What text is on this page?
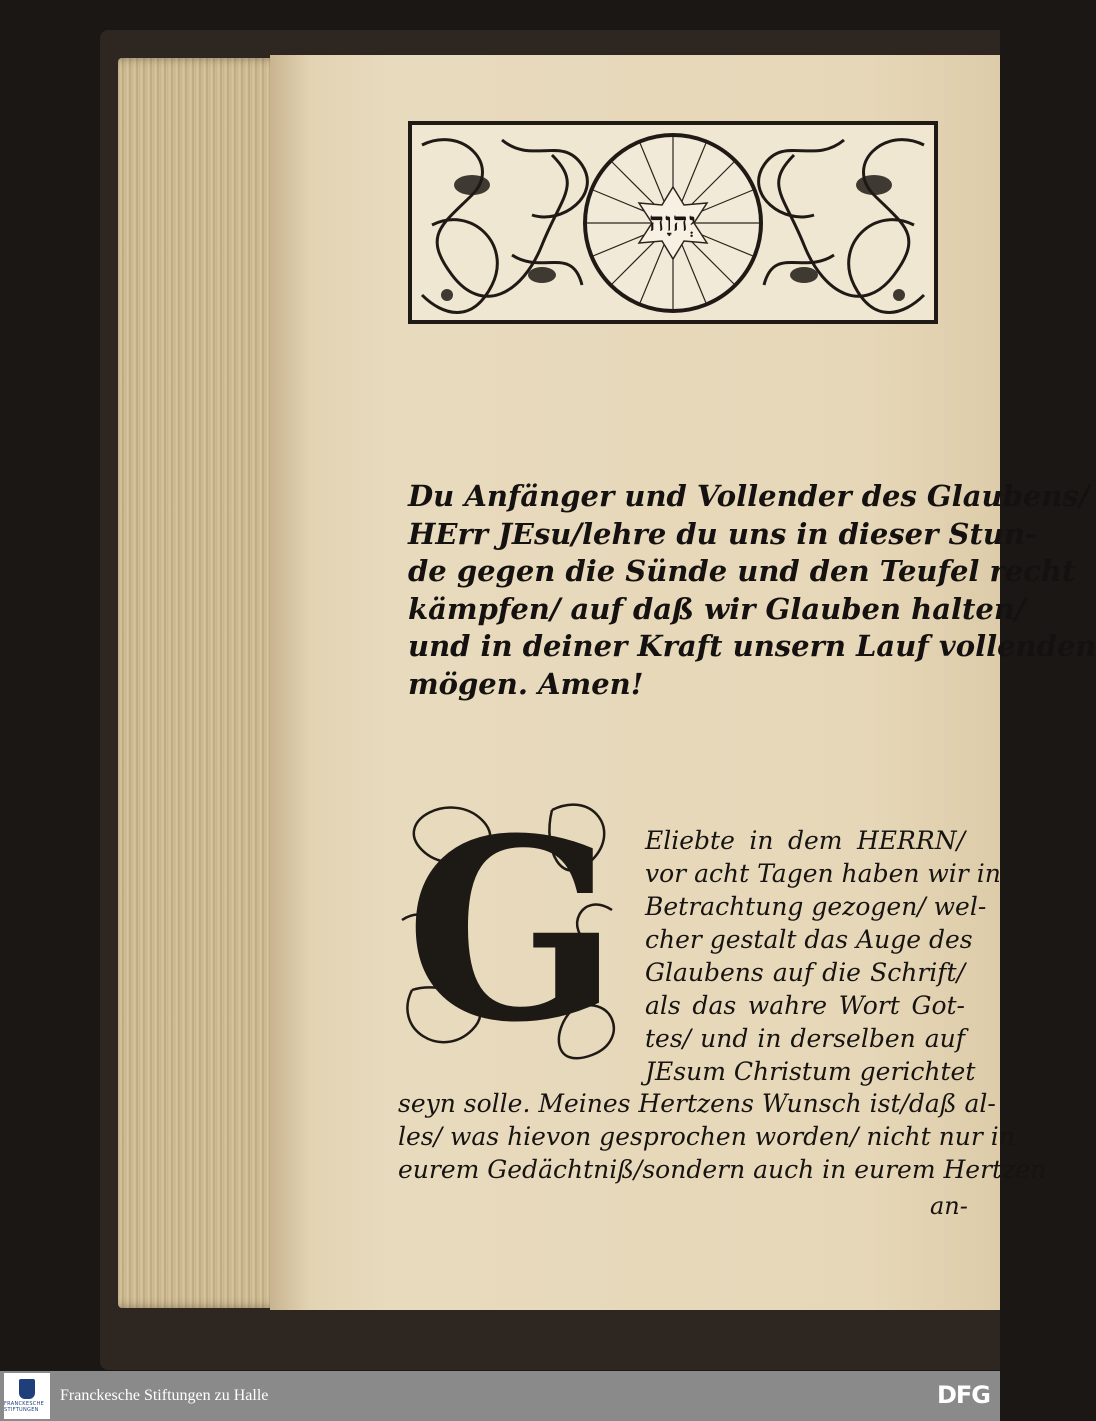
יְהוָה
Du Anfänger und Vollender des Glaubens/
HErr JEsu/lehre du uns in dieser Stun-
de gegen die Sünde und den Teufel recht
kämpfen/ auf daß wir Glauben halten/
und in deiner Kraft unsern Lauf vollenden
mögen. Amen!
G	Eliebte in dem HERRN/
vor acht Tagen haben wir in
Betrachtung gezogen/ wel-
cher gestalt das Auge des
Glaubens auf die Schrift/
als das wahre Wort Got-
tes/ und in derselben auf
JEsum Christum gerichtet
seyn solle. Meines Hertzens Wunsch ist/daß al-
les/ was hievon gesprochen worden/ nicht nur in
eurem Gedächtniß/sondern auch in eurem Hertzen
an-
FRANCKESCHE STIFTUNGEN
Franckesche Stiftungen zu Halle	DFG
